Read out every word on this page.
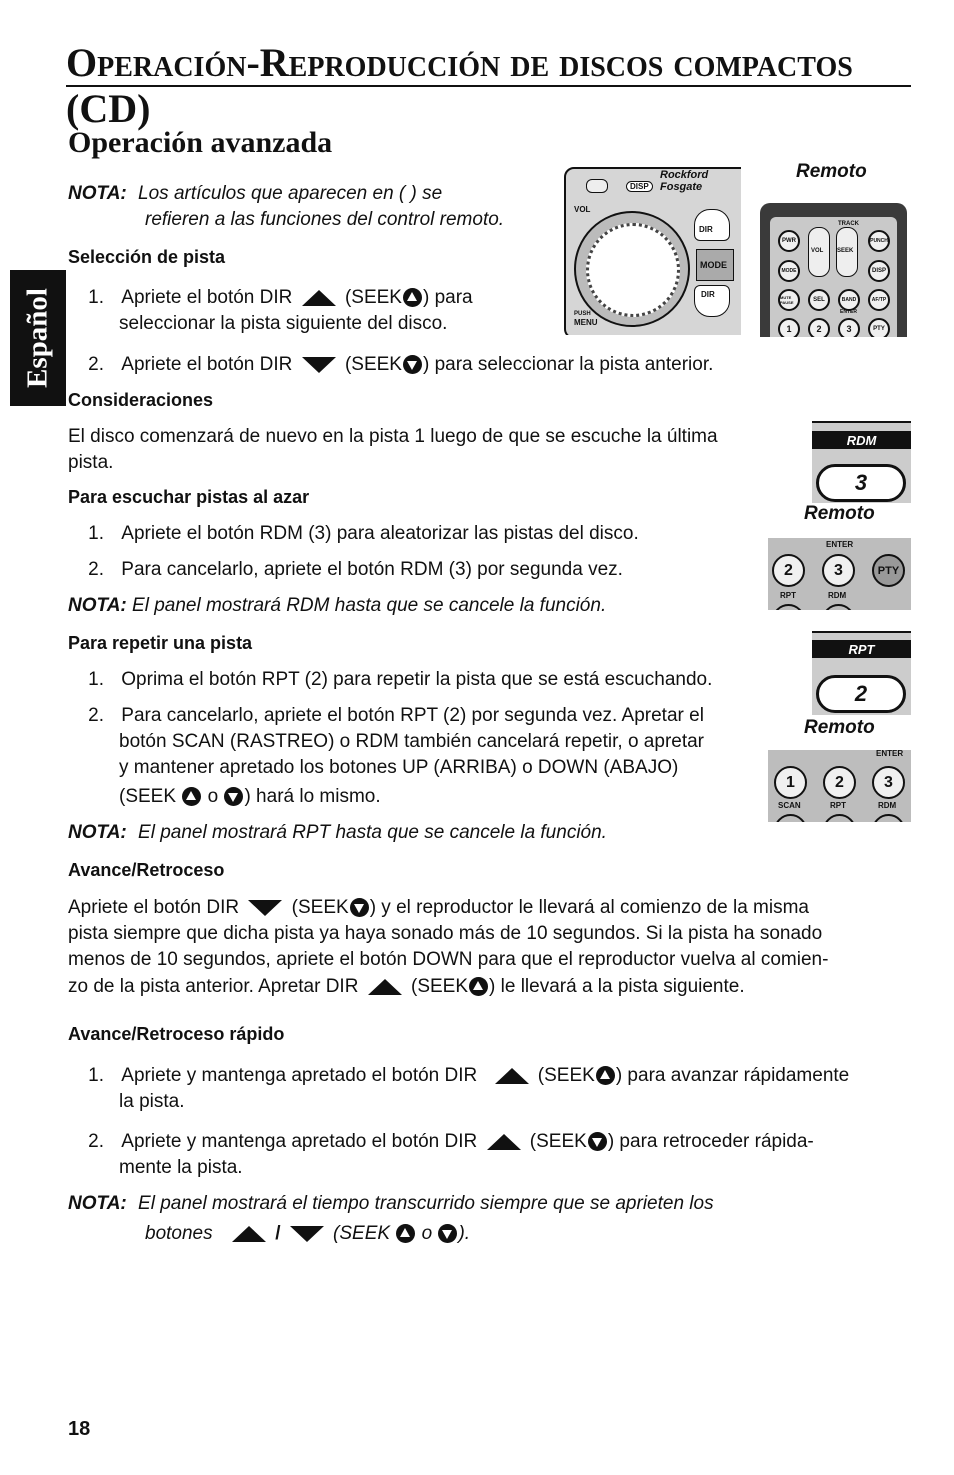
Operación-Reproducción de discos compactos (CD)
Operación avanzada
Español
NOTA: Los artículos que aparecen en ( ) se
refieren a las funciones del control remoto.
Selección de pista
1. Apriete el botón DIR	(SEEK ) para
seleccionar la pista siguiente del disco.
2. Apriete el botón DIR	(SEEK ) para seleccionar la pista anterior.
Consideraciones
El disco comenzará de nuevo en la pista 1 luego de que se escuche la última
pista.
Para escuchar pistas al azar
1. Apriete el botón RDM (3) para aleatorizar las pistas del disco.
2. Para cancelarlo, apriete el botón RDM (3) por segunda vez.
NOTA: El panel mostrará RDM hasta que se cancele la función.
Para repetir una pista
1. Oprima el botón RPT (2) para repetir la pista que se está escuchando.
2. Para cancelarlo, apriete el botón RPT (2) por segunda vez. Apretar el
botón SCAN (RASTREO) o RDM también cancelará repetir, o apretar
y mantener apretado los botones UP (ARRIBA) o DOWN (ABAJO)
(SEEK o ) hará lo mismo.
NOTA: El panel mostrará RPT hasta que se cancele la función.
Avance/Retroceso
Apriete el botón DIR	(SEEK ) y el reproductor le llevará al comienzo de la misma
pista siempre que dicha pista ya haya sonado más de 10 segundos. Si la pista ha sonado
menos de 10 segundos, apriete el botón DOWN para que el reproductor vuelva al comien-
zo de la pista anterior. Apretar DIR	(SEEK ) le llevará a la pista siguiente.
Avance/Retroceso rápido
1. Apriete y mantenga apretado el botón DIR	(SEEK ) para avanzar rápidamente
la pista.
2. Apriete y mantenga apretado el botón DIR	(SEEK ) para retroceder rápida-
mente la pista.
NOTA: El panel mostrará el tiempo transcurrido siempre que se aprieten los
botones	/	(SEEK o ).
DISP
Rockford Fosgate
VOL
DIR
MODE
DIR
PUSH
MENU
Remoto
TRACK
PWR
VOL SEEK
PUNCH
MODE	DISP
MUTE PAUSE	SEL	BAND	AF/TP
ENTER
1	2	3	PTY
RDM
3
Remoto
ENTER
2	3	PTY
RPT	RDM
RPT
2
Remoto
ENTER
1	2	3
SCAN	RPT	RDM
18
